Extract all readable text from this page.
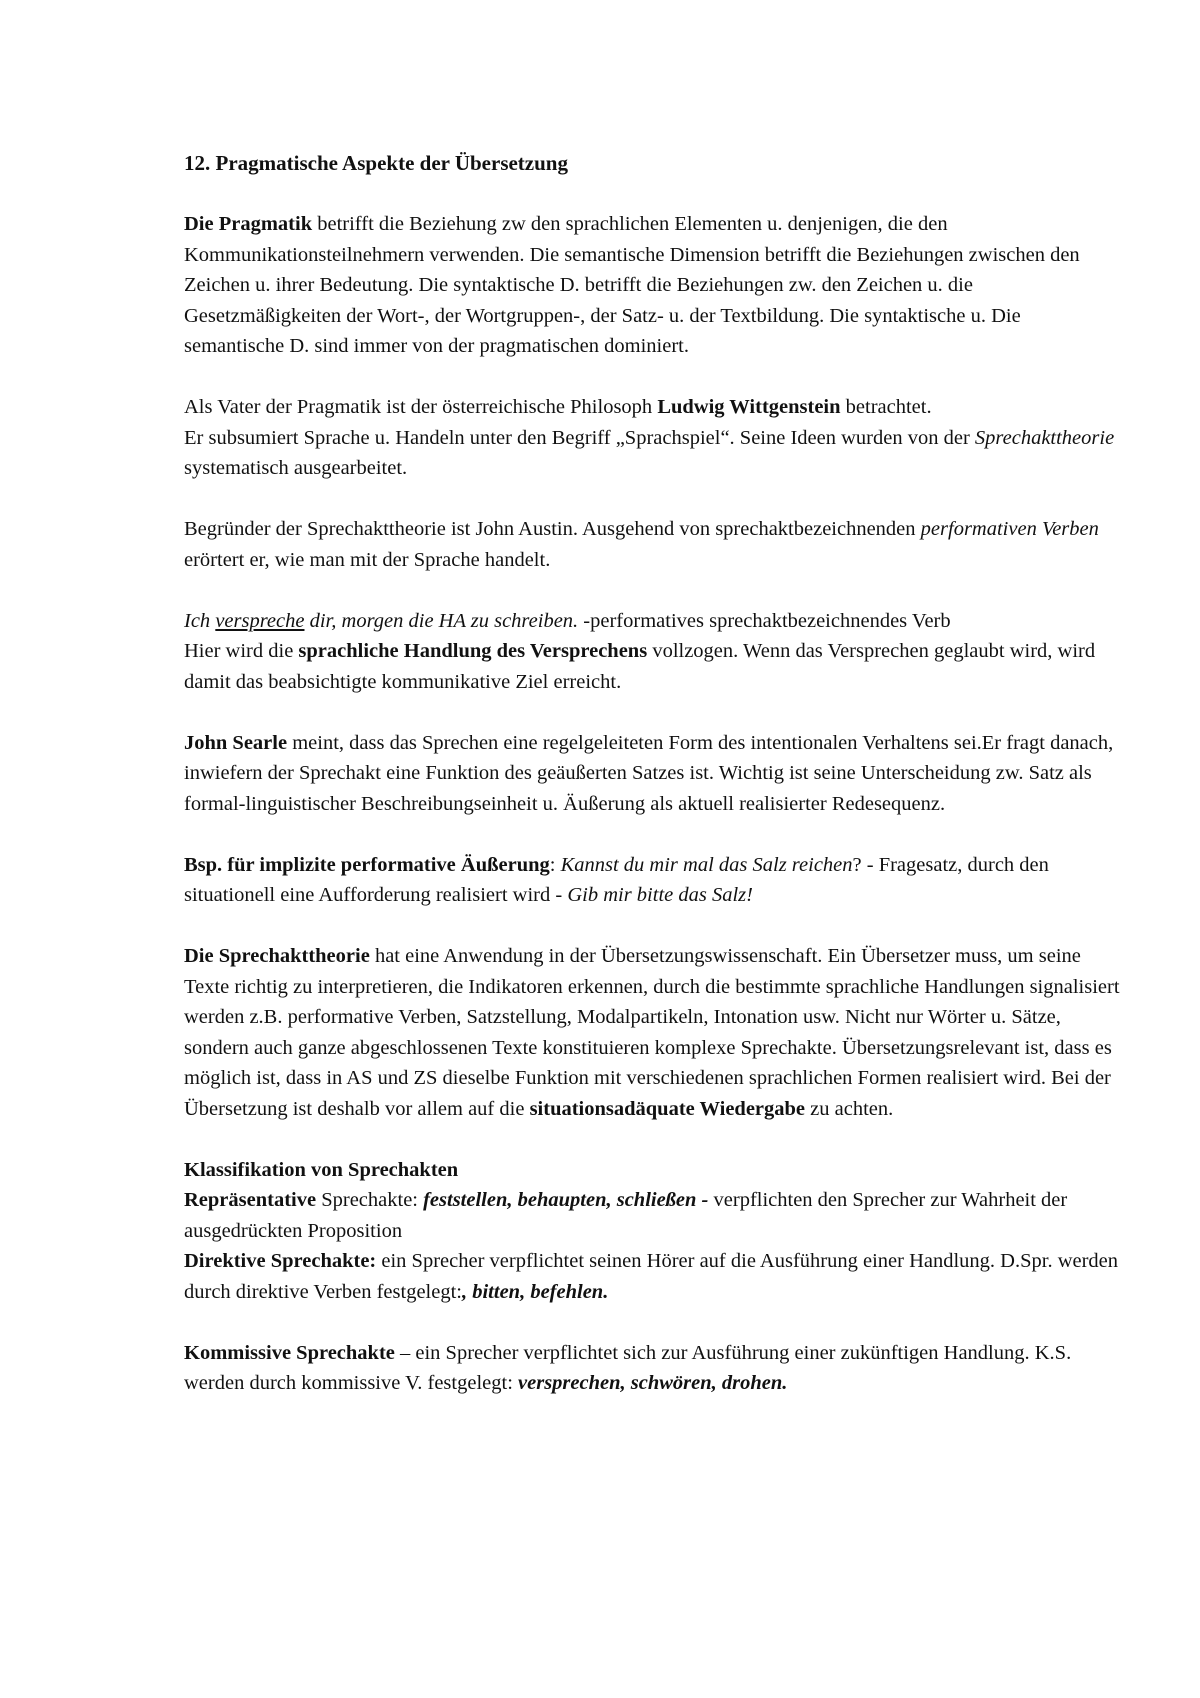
12. Pragmatische Aspekte der Übersetzung

Die Pragmatik betrifft die Beziehung zw den sprachlichen Elementen u. denjenigen, die den Kommunikationsteilnehmern verwenden. Die semantische Dimension betrifft die Beziehungen zwischen den Zeichen u. ihrer Bedeutung. Die syntaktische D. betrifft die Beziehungen zw. den Zeichen u. die Gesetzmäßigkeiten der Wort-, der Wortgruppen-, der Satz- u. der Textbildung. Die syntaktische u. Die semantische D. sind immer von der pragmatischen dominiert.

Als Vater der Pragmatik ist der österreichische Philosoph Ludwig Wittgenstein betrachtet.
Er subsumiert Sprache u. Handeln unter den Begriff „Sprachspiel“. Seine Ideen wurden von der Sprechakttheorie systematisch ausgearbeitet.

Begründer der Sprechakttheorie ist John Austin. Ausgehend von sprechaktbezeichnenden performativen Verben erörtert er, wie man mit der Sprache handelt.

Ich verspreche dir, morgen die HA zu schreiben. -performatives sprechaktbezeichnendes Verb
Hier wird die sprachliche Handlung des Versprechens vollzogen. Wenn das Versprechen geglaubt wird, wird damit das beabsichtigte kommunikative Ziel erreicht.

John Searle meint, dass das Sprechen eine regelgeleiteten Form des intentionalen Verhaltens sei.Er fragt danach, inwiefern der Sprechakt eine Funktion des geäußerten Satzes ist. Wichtig ist seine Unterscheidung zw. Satz als formal-linguistischer Beschreibungseinheit u. Äußerung als aktuell realisierter Redesequenz.

Bsp. für implizite performative Äußerung: Kannst du mir mal das Salz reichen? - Fragesatz, durch den situationell eine Aufforderung realisiert wird - Gib mir bitte das Salz!

Die Sprechakttheorie hat eine Anwendung in der Übersetzungswissenschaft. Ein Übersetzer muss, um seine Texte richtig zu interpretieren, die Indikatoren erkennen, durch die bestimmte sprachliche Handlungen signalisiert werden z.B. performative Verben, Satzstellung, Modalpartikeln, Intonation usw. Nicht nur Wörter u. Sätze, sondern auch ganze abgeschlossenen Texte konstituieren komplexe Sprechakte. Übersetzungsrelevant ist, dass es möglich ist, dass in AS und ZS dieselbe Funktion mit verschiedenen sprachlichen Formen realisiert wird. Bei der Übersetzung ist deshalb vor allem auf die situationsadäquate Wiedergabe zu achten.

Klassifikation von Sprechakten
Repräsentative Sprechakte: feststellen, behaupten, schließen - verpflichten den Sprecher zur Wahrheit der ausgedrückten Proposition
Direktive Sprechakte: ein Sprecher verpflichtet seinen Hörer auf die Ausführung einer Handlung. D.Spr. werden durch direktive Verben festgelegt:, bitten, befehlen.

Kommissive Sprechakte – ein Sprecher verpflichtet sich zur Ausführung einer zukünftigen Handlung. K.S. werden durch kommissive V. festgelegt: versprechen, schwören, drohen.
